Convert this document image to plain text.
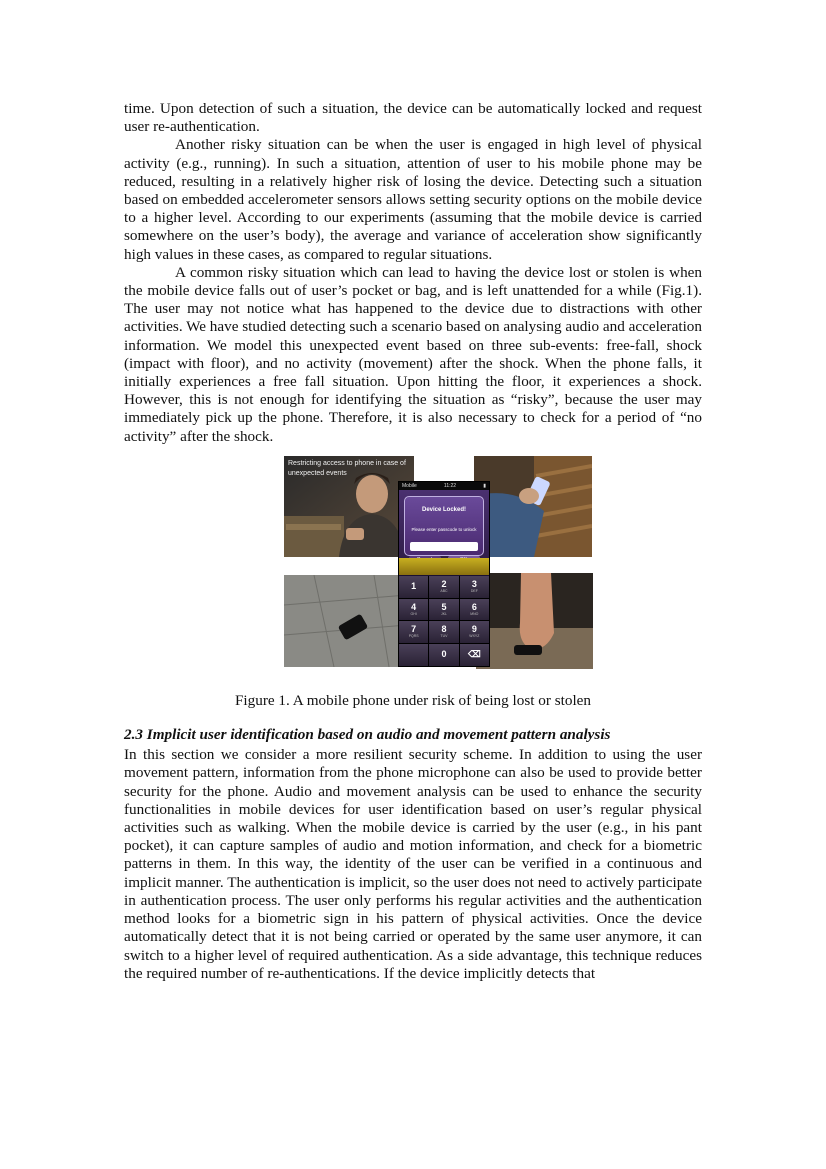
time. Upon detection of such a situation, the device can be automatically locked and request user re-authentication.

Another risky situation can be when the user is engaged in high level of physical activity (e.g., running). In such a situation, attention of user to his mobile phone may be reduced, resulting in a relatively higher risk of losing the device. Detecting such a situation based on embedded accelerometer sensors allows setting security options on the mobile device to a higher level. According to our experiments (assuming that the mobile device is carried somewhere on the user’s body), the average and variance of acceleration show significantly high values in these cases, as compared to regular situations.

A common risky situation which can lead to having the device lost or stolen is when the mobile device falls out of user’s pocket or bag, and is left unattended for a while (Fig.1). The user may not notice what has happened to the device due to distractions with other activities. We have studied detecting such a scenario based on analysing audio and acceleration information. We model this unexpected event based on three sub-events: free-fall, shock (impact with floor), and no activity (movement) after the shock. When the phone falls, it initially experiences a free fall situation. Upon hitting the floor, it experiences a shock. However, this is not enough for identifying the situation as “risky”, because the user may immediately pick up the phone. Therefore, it is also necessary to check for a period of “no activity” after the shock.

Restricting access to phone in case of unexpected events
Mobile	11:22	▮
Device Locked!
Please enter passcode to unlock
1	2
ABC
3
DEF
4
GHI
5
JKL
6
MNO
7
PQRS
8
TUV
9
WXYZ
0	⌫

Figure 1. A mobile phone under risk of being lost or stolen

2.3 Implicit user identification based on audio and movement pattern analysis

In this section we consider a more resilient security scheme. In addition to using the user movement pattern, information from the phone microphone can also be used to provide better security for the phone. Audio and movement analysis can be used to enhance the security functionalities in mobile devices for user identification based on user’s regular physical activities such as walking. When the mobile device is carried by the user (e.g., in his pant pocket), it can capture samples of audio and motion information, and check for a biometric patterns in them. In this way, the identity of the user can be verified in a continuous and implicit manner. The authentication is implicit, so the user does not need to actively participate in authentication process. The user only performs his regular activities and the authentication method looks for a biometric sign in his pattern of physical activities. Once the device automatically detect that it is not being carried or operated by the same user anymore, it can switch to a higher level of required authentication. As a side advantage, this technique reduces the required number of re-authentications. If the device implicitly detects that
